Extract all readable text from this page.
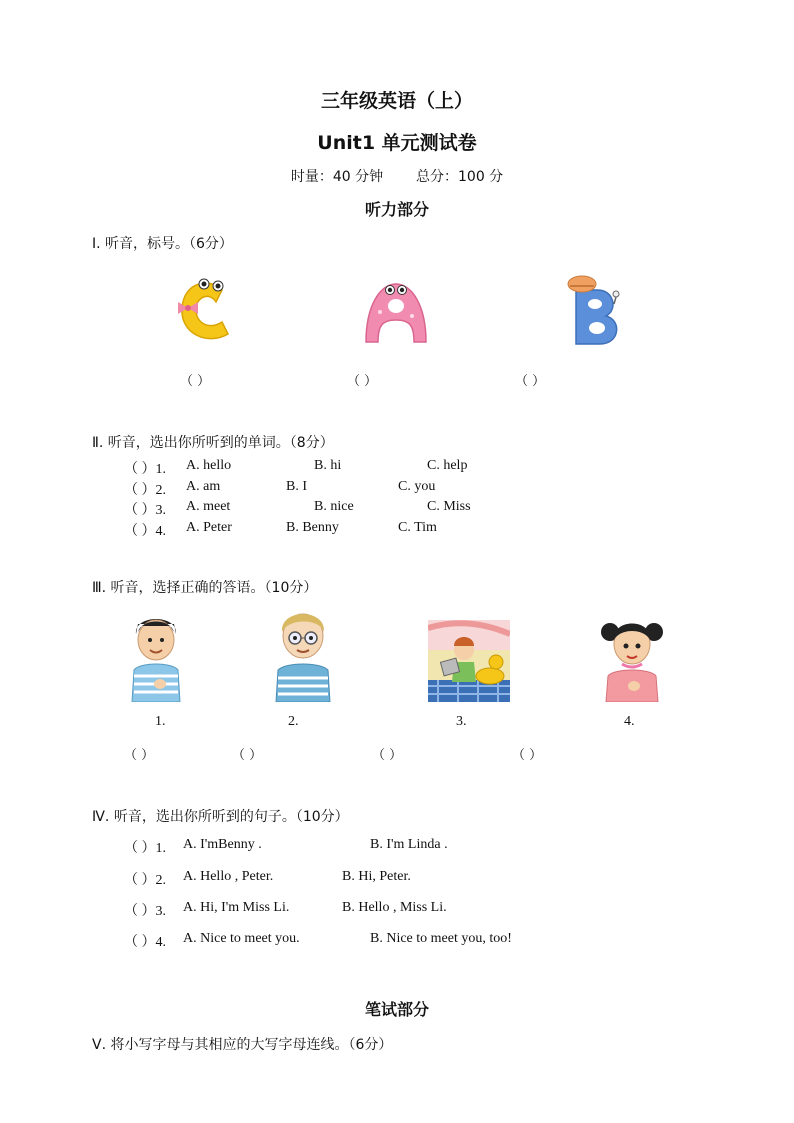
三年级英语（上）
Unit1 单元测试卷
时量：40 分钟 总分：100 分
听力部分
Ⅰ. 听音，标号。（6分）
（ ）	（ ）	（ ）
Ⅱ. 听音，选出你所听到的单词。（8分）
（ ）1. A. hello	B. hi	C. help
（ ）2. A. am	B. I	C. you
（ ）3. A. meet	B. nice	C. Miss
（ ）4. A. Peter	B. Benny	C. Tim
Ⅲ. 听音，选择正确的答语。（10分）
1.	2.	3.	4.
（ ）	（ ）	（ ）	（ ）
Ⅳ. 听音，选出你所听到的句子。（10分）
（ ）1. A. I'mBenny .	B. I'm Linda .
（ ）2. A. Hello , Peter.	B. Hi, Peter.
（ ）3. A. Hi, I'm Miss Li.	B. Hello , Miss Li.
（ ）4. A. Nice to meet you.	B. Nice to meet you, too!
笔试部分
Ⅴ. 将小写字母与其相应的大写字母连线。（6分）
